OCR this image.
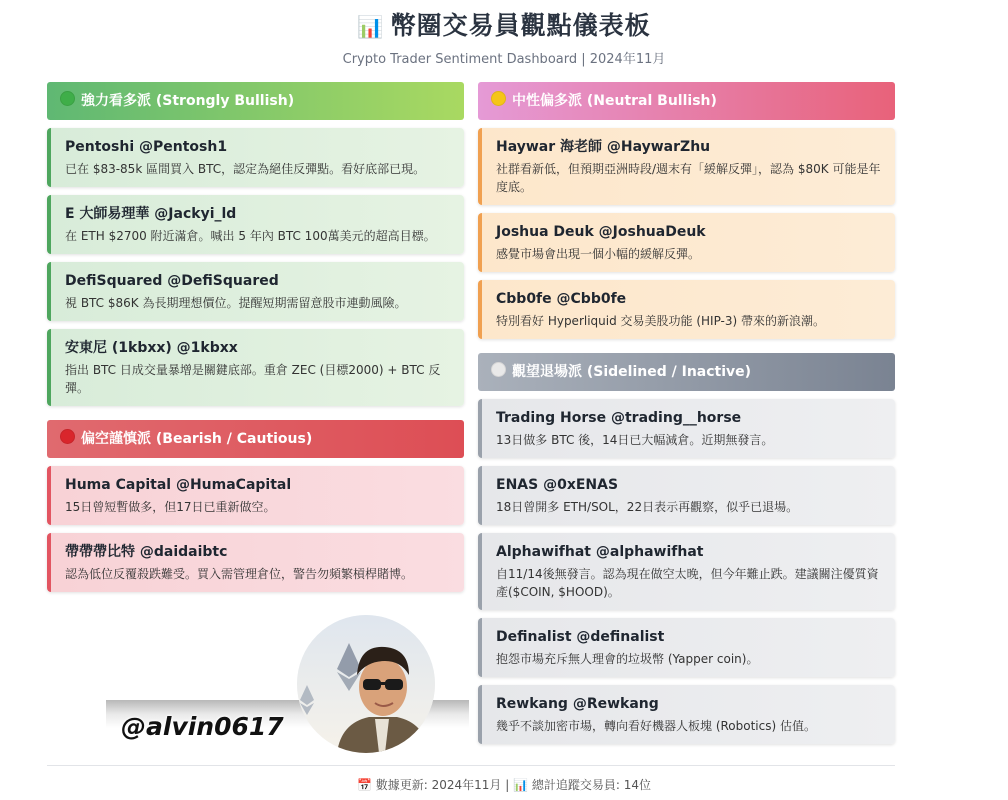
📊 幣圈交易員觀點儀表板
Crypto Trader Sentiment Dashboard | 2024年11月
強力看多派 (Strongly Bullish)
Pentoshi @Pentosh1
已在 $83-85k 區間買入 BTC，認定為絕佳反彈點。看好底部已現。
E 大師易理華 @Jackyi_ld
在 ETH $2700 附近滿倉。喊出 5 年內 BTC 100萬美元的超高目標。
DefiSquared @DefiSquared
視 BTC $86K 為長期理想價位。提醒短期需留意股市連動風險。
安東尼 (1kbxx) @1kbxx
指出 BTC 日成交量暴增是關鍵底部。重倉 ZEC (目標2000) + BTC 反彈。
偏空謹慎派 (Bearish / Cautious)
Huma Capital @HumaCapital
15日曾短暫做多，但17日已重新做空。
帶帶帶比特 @daidaibtc
認為低位反覆殺跌難受。買入需管理倉位，警告勿頻繁槓桿賭博。
中性偏多派 (Neutral Bullish)
Haywar 海老師 @HaywarZhu
社群看新低，但預期亞洲時段/週末有「緩解反彈」，認為 $80K 可能是年度底。
Joshua Deuk @JoshuaDeuk
感覺市場會出現一個小幅的緩解反彈。
Cbb0fe @Cbb0fe
特別看好 Hyperliquid 交易美股功能 (HIP-3) 帶來的新浪潮。
觀望退場派 (Sidelined / Inactive)
Trading Horse @trading__horse
13日做多 BTC 後，14日已大幅減倉。近期無發言。
ENAS @0xENAS
18日曾開多 ETH/SOL，22日表示再觀察，似乎已退場。
Alphawifhat @alphawifhat
自11/14後無發言。認為現在做空太晚，但今年難止跌。建議關注優質資產($COIN, $HOOD)。
Definalist @definalist
抱怨市場充斥無人理會的垃圾幣 (Yapper coin)。
Rewkang @Rewkang
幾乎不談加密市場，轉向看好機器人板塊 (Robotics) 估值。
@alvin0617
📅 數據更新: 2024年11月 | 📊 總計追蹤交易員: 14位
